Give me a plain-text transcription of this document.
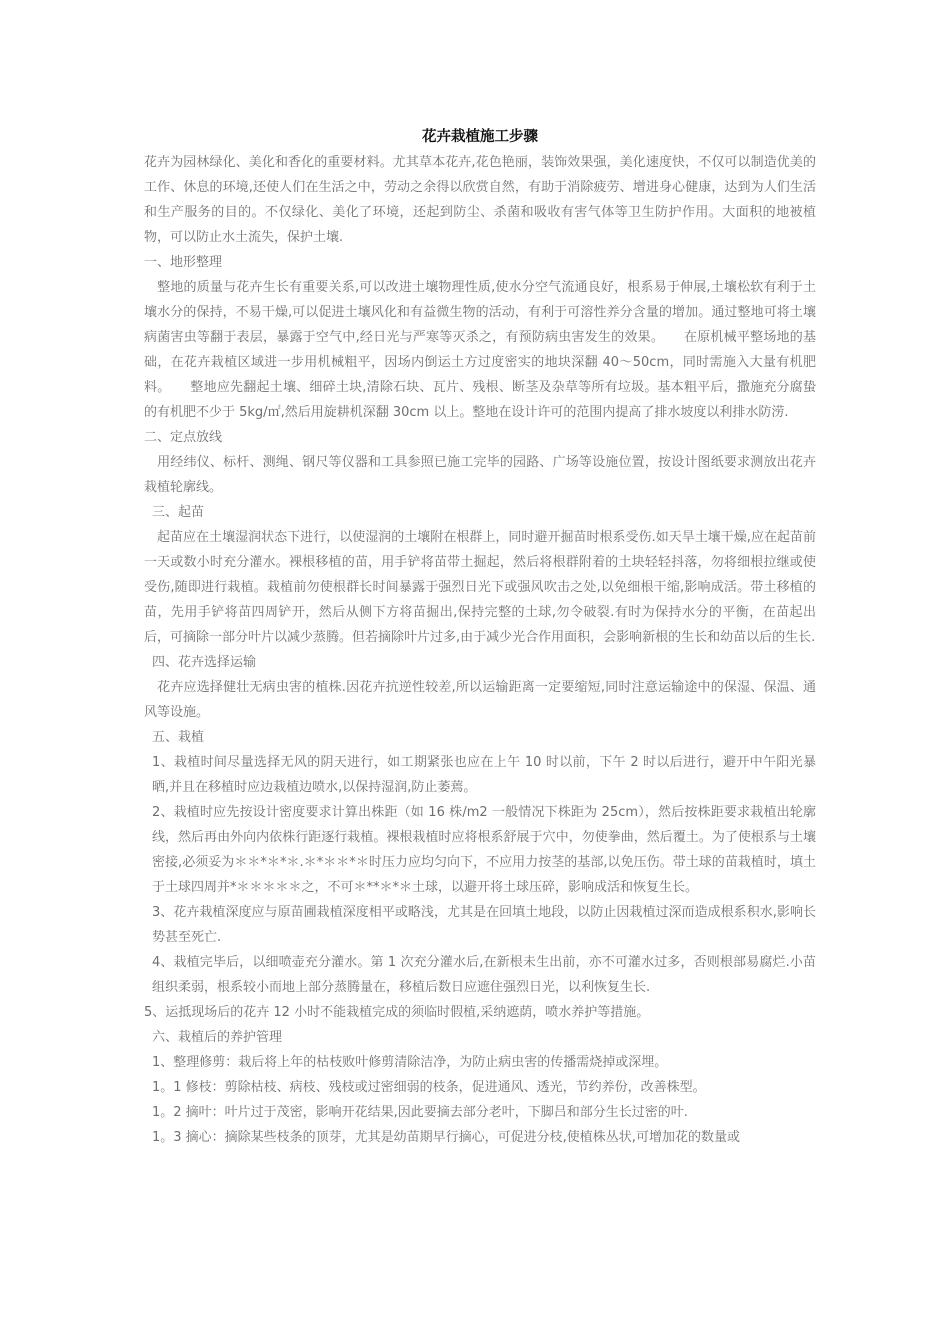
花卉栽植施工步骤

花卉为园林绿化、美化和香化的重要材料。尤其草本花卉,花色艳丽，装饰效果强，美化速度快，不仅可以制造优美的工作、休息的环境,还使人们在生活之中，劳动之余得以欣赏自然，有助于消除疲劳、增进身心健康，达到为人们生活和生产服务的目的。不仅绿化、美化了环境，还起到防尘、杀菌和吸收有害气体等卫生防护作用。大面积的地被植物，可以防止水土流失，保护土壤.

一、地形整理

　整地的质量与花卉生长有重要关系,可以改进土壤物理性质,使水分空气流通良好，根系易于伸展,土壤松软有利于土壤水分的保持，不易干燥,可以促进土壤风化和有益微生物的活动，有利于可溶性养分含量的增加。通过整地可将土壤病菌害虫等翻于表层，暴露于空气中,经日光与严寒等灭杀之，有预防病虫害发生的效果。　　在原机械平整场地的基础，在花卉栽植区域进一步用机械粗平，因场内倒运土方过度密实的地块深翻 40～50cm，同时需施入大量有机肥料。　　整地应先翻起土壤、细碎土块,清除石块、瓦片、残根、断茎及杂草等所有垃圾。基本粗平后，撒施充分腐蛰的有机肥不少于 5kg/㎡,然后用旋耕机深翻 30cm 以上。整地在设计许可的范围内提高了排水坡度以利排水防涝.

二、定点放线

　用经纬仪、标杆、测绳、钢尺等仪器和工具参照已施工完毕的园路、广场等设施位置，按设计图纸要求测放出花卉栽植轮廓线。

三、起苗

　起苗应在土壤湿润状态下进行，以使湿润的土壤附在根群上，同时避开掘苗时根系受伤.如天旱土壤干燥,应在起苗前一天或数小时充分灌水。裸根移植的苗，用手铲将苗带土掘起，然后将根群附着的土块轻轻抖落，勿将细根拉继或使受伤,随即进行栽植。栽植前勿使根群长时间暴露于强烈日光下或强风吹击之处,以免细根干缩,影响成活。带土移植的苗，先用手铲将苗四周铲开，然后从侧下方将苗掘出,保持完整的土球,勿令破裂.有时为保持水分的平衡，在苗起出后，可摘除一部分叶片以减少蒸腾。但若摘除叶片过多,由于减少光合作用面积，会影响新根的生长和幼苗以后的生长.

四、花卉选择运输

　花卉应选择健壮无病虫害的植株.因花卉抗逆性较差,所以运输距离一定要缩短,同时注意运输途中的保湿、保温、通风等设施。

五、栽植

1、栽植时间尽量选择无风的阴天进行，如工期紧张也应在上午 10 时以前，下午 2 时以后进行，避开中午阳光暴晒,并且在移植时应边栽植边喷水,以保持湿润,防止萎蔫。

2、栽植时应先按设计密度要求计算出株距（如 16 株/m2 一般情况下株距为 25cm），然后按株距要求栽植出轮廓线，然后再由外向内依株行距逐行栽植。裸根栽植时应将根系舒展于穴中，勿使拳曲，然后覆土。为了使根系与土壤密接,必须妥为＊＊*＊*＊.＊*＊＊*＊时压力应均匀向下，不应用力按茎的基部,以免压伤。带土球的苗栽植时，填土于土球四周并*＊＊＊＊＊之，不可＊**＊*＊土球，以避开将土球压碎，影响成活和恢复生长。

3、花卉栽植深度应与原苗圃栽植深度相平或略浅，尤其是在回填土地段，以防止因栽植过深而造成根系积水,影响长势甚至死亡.

4、栽植完毕后，以细喷壶充分灌水。第 1 次充分灌水后,在新根未生出前，亦不可灌水过多，否则根部易腐烂.小苗组织柔弱，根系较小而地上部分蒸腾量在，移植后数日应遮住强烈日光，以利恢复生长.

5、运抵现场后的花卉 12 小时不能栽植完成的须临时假植,采纳遮荫，喷水养护等措施。

六、栽植后的养护管理

1、整理修剪：栽后将上年的枯枝败叶修剪清除洁净，为防止病虫害的传播需烧掉或深埋。

1。1 修枝：剪除枯枝、病枝、残枝或过密细弱的枝条，促进通风、透光，节约养份，改善株型。

1。2 摘叶：叶片过于茂密，影响开花结果,因此要摘去部分老叶，下脚吕和部分生长过密的叶.

1。3 摘心：摘除某些枝条的顶芽，尤其是幼苗期早行摘心，可促进分枝,使植株丛状,可增加花的数量或
